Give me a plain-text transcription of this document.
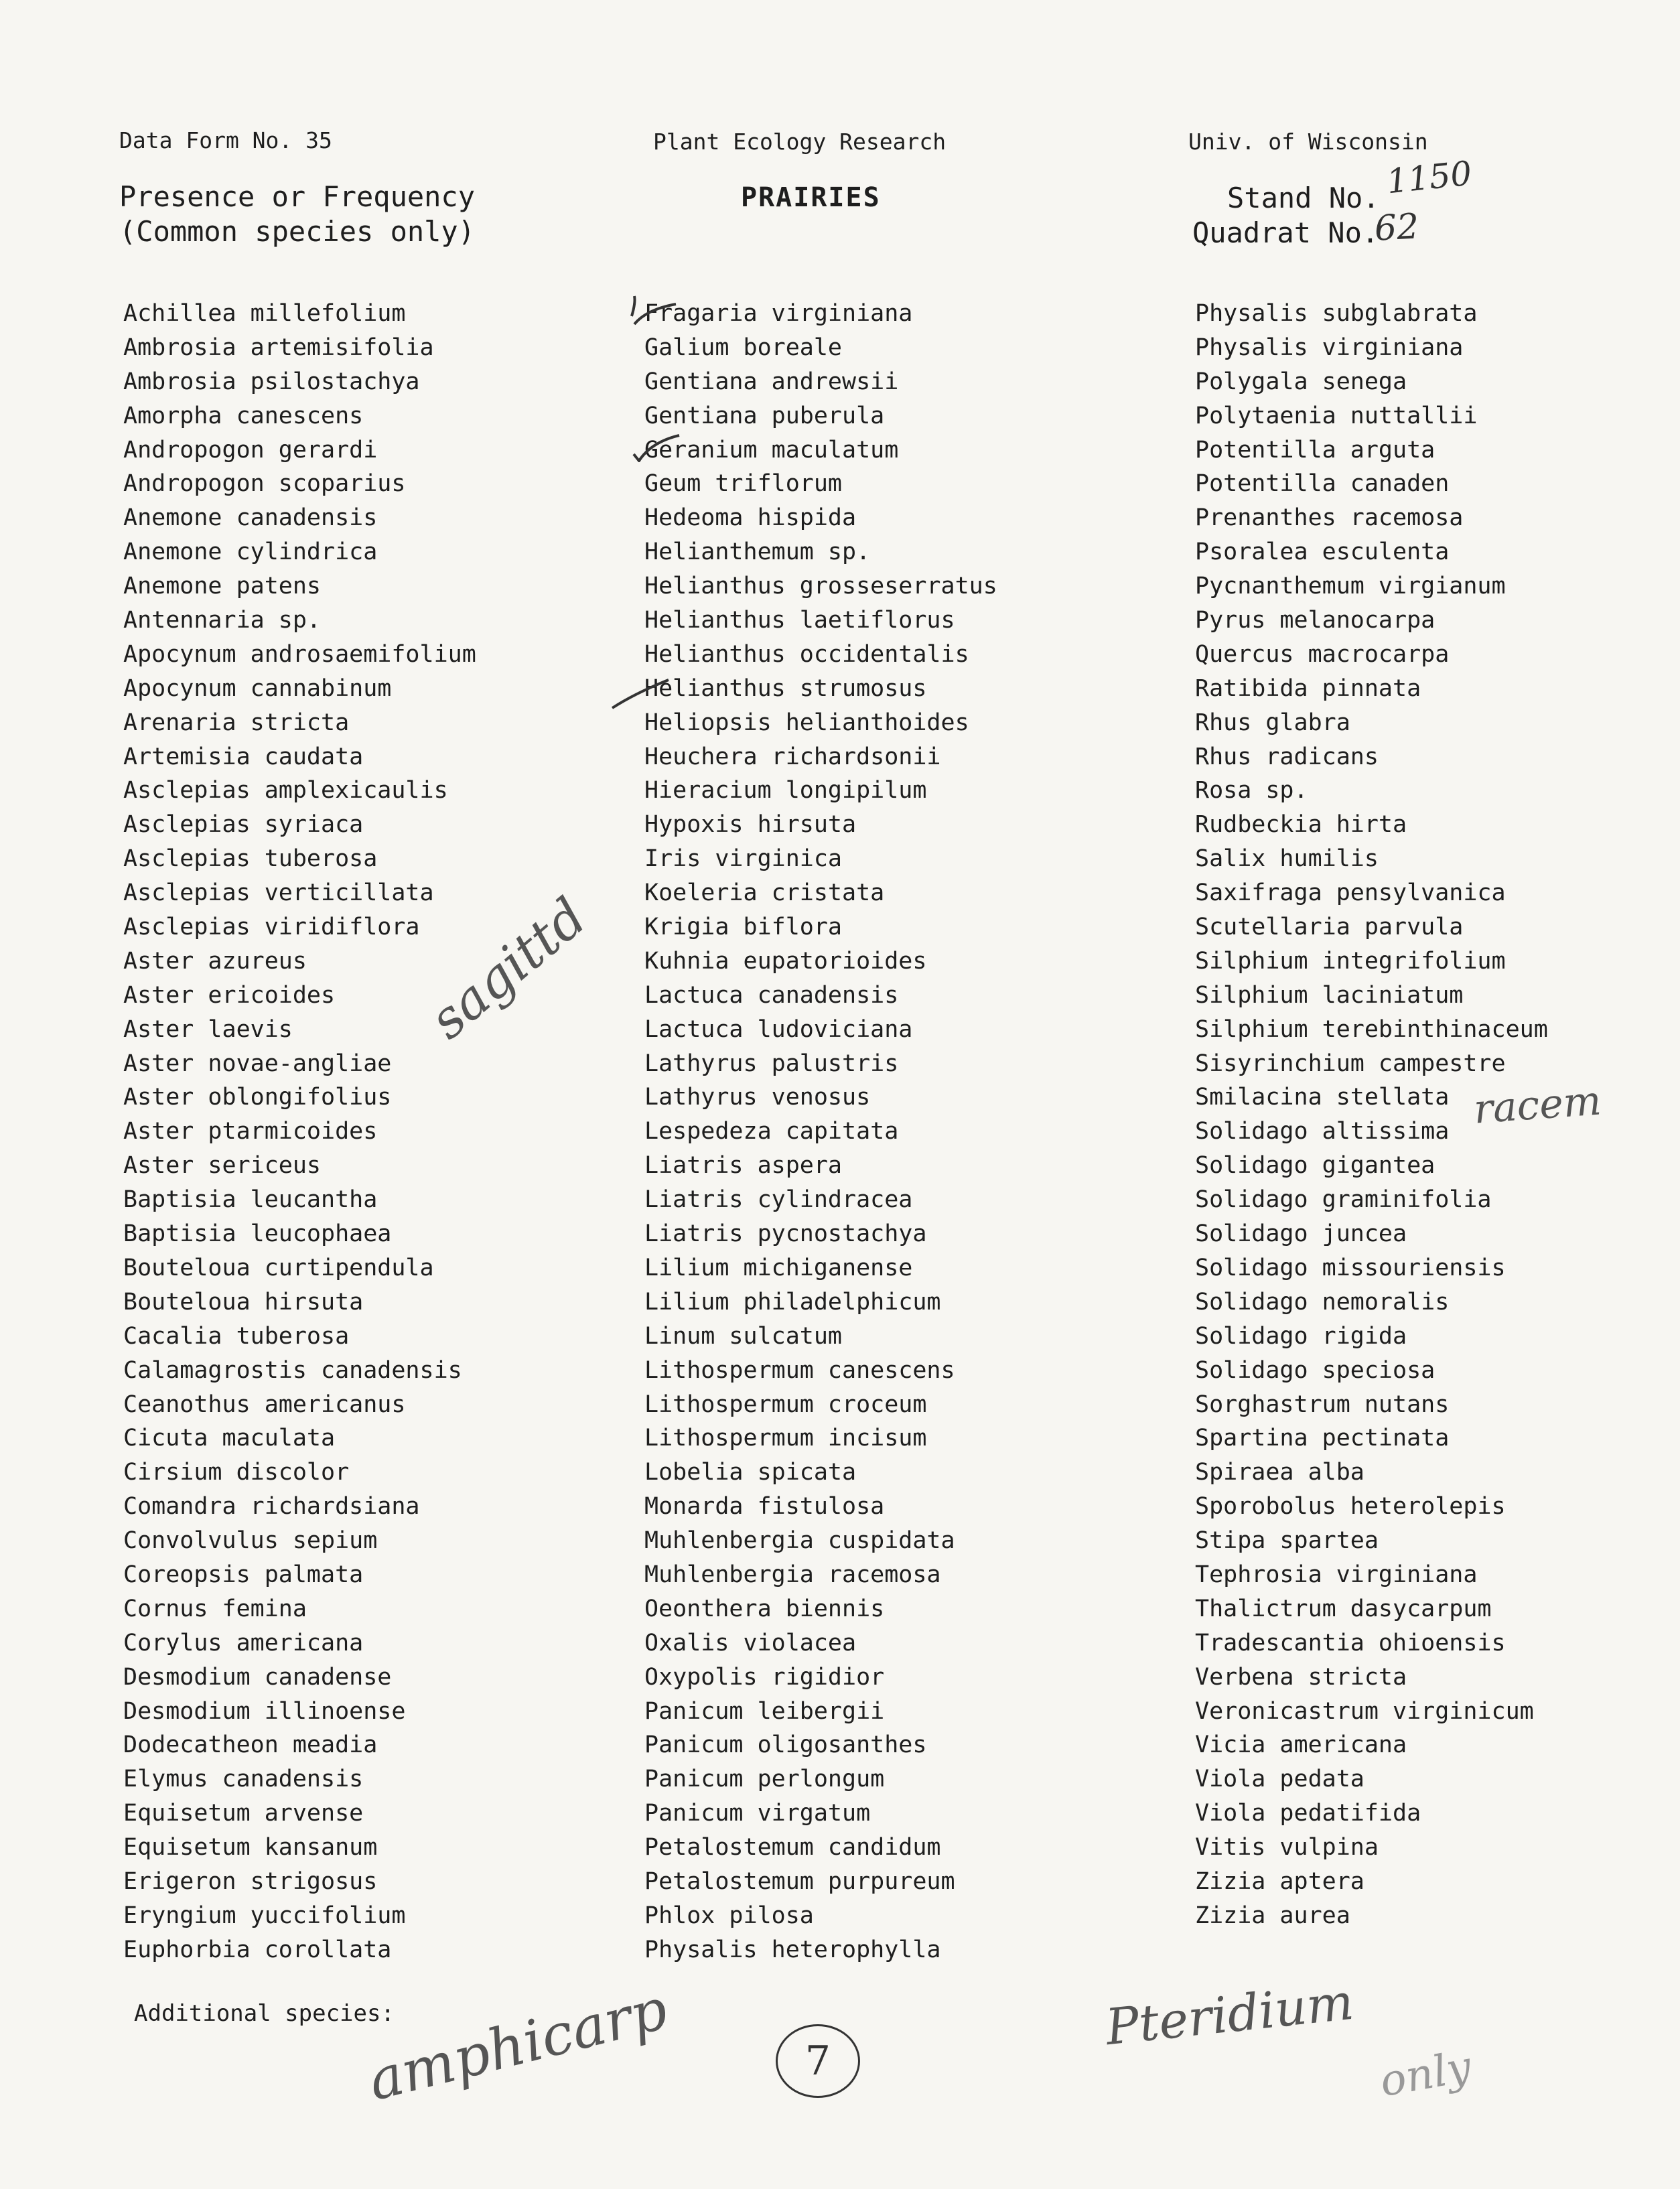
Data Form No. 35	Plant Ecology Research	Univ. of Wisconsin
Presence or Frequency
(Common species only)
PRAIRIES	Stand No.
Quadrat No.
1150
62
Achillea millefolium
Ambrosia artemisifolia
Ambrosia psilostachya
Amorpha canescens
Andropogon gerardi
Andropogon scoparius
Anemone canadensis
Anemone cylindrica
Anemone patens
Antennaria sp.
Apocynum androsaemifolium
Apocynum cannabinum
Arenaria stricta
Artemisia caudata
Asclepias amplexicaulis
Asclepias syriaca
Asclepias tuberosa
Asclepias verticillata
Asclepias viridiflora
Aster azureus
Aster ericoides
Aster laevis
Aster novae-angliae
Aster oblongifolius
Aster ptarmicoides
Aster sericeus
Baptisia leucantha
Baptisia leucophaea
Bouteloua curtipendula
Bouteloua hirsuta
Cacalia tuberosa
Calamagrostis canadensis
Ceanothus americanus
Cicuta maculata
Cirsium discolor
Comandra richardsiana
Convolvulus sepium
Coreopsis palmata
Cornus femina
Corylus americana
Desmodium canadense
Desmodium illinoense
Dodecatheon meadia
Elymus canadensis
Equisetum arvense
Equisetum kansanum
Erigeron strigosus
Eryngium yuccifolium
Euphorbia corollata
Fragaria virginiana
Galium boreale
Gentiana andrewsii
Gentiana puberula
Geranium maculatum
Geum triflorum
Hedeoma hispida
Helianthemum sp.
Helianthus grosseserratus
Helianthus laetiflorus
Helianthus occidentalis
Helianthus strumosus
Heliopsis helianthoides
Heuchera richardsonii
Hieracium longipilum
Hypoxis hirsuta
Iris virginica
Koeleria cristata
Krigia biflora
Kuhnia eupatorioides
Lactuca canadensis
Lactuca ludoviciana
Lathyrus palustris
Lathyrus venosus
Lespedeza capitata
Liatris aspera
Liatris cylindracea
Liatris pycnostachya
Lilium michiganense
Lilium philadelphicum
Linum sulcatum
Lithospermum canescens
Lithospermum croceum
Lithospermum incisum
Lobelia spicata
Monarda fistulosa
Muhlenbergia cuspidata
Muhlenbergia racemosa
Oeonthera biennis
Oxalis violacea
Oxypolis rigidior
Panicum leibergii
Panicum oligosanthes
Panicum perlongum
Panicum virgatum
Petalostemum candidum
Petalostemum purpureum
Phlox pilosa
Physalis heterophylla
Physalis subglabrata
Physalis virginiana
Polygala senega
Polytaenia nuttallii
Potentilla arguta
Potentilla canaden
Prenanthes racemosa
Psoralea esculenta
Pycnanthemum virgianum
Pyrus melanocarpa
Quercus macrocarpa
Ratibida pinnata
Rhus glabra
Rhus radicans
Rosa sp.
Rudbeckia hirta
Salix humilis
Saxifraga pensylvanica
Scutellaria parvula
Silphium integrifolium
Silphium laciniatum
Silphium terebinthinaceum
Sisyrinchium campestre
Smilacina stellata
Solidago altissima
Solidago gigantea
Solidago graminifolia
Solidago juncea
Solidago missouriensis
Solidago nemoralis
Solidago rigida
Solidago speciosa
Sorghastrum nutans
Spartina pectinata
Spiraea alba
Sporobolus heterolepis
Stipa spartea
Tephrosia virginiana
Thalictrum dasycarpum
Tradescantia ohioensis
Verbena stricta
Veronicastrum virginicum
Vicia americana
Viola pedata
Viola pedatifida
Vitis vulpina
Zizia aptera
Zizia aurea
Additional species:
sagittd
racem
amphicarp	7
Pteridium
only
